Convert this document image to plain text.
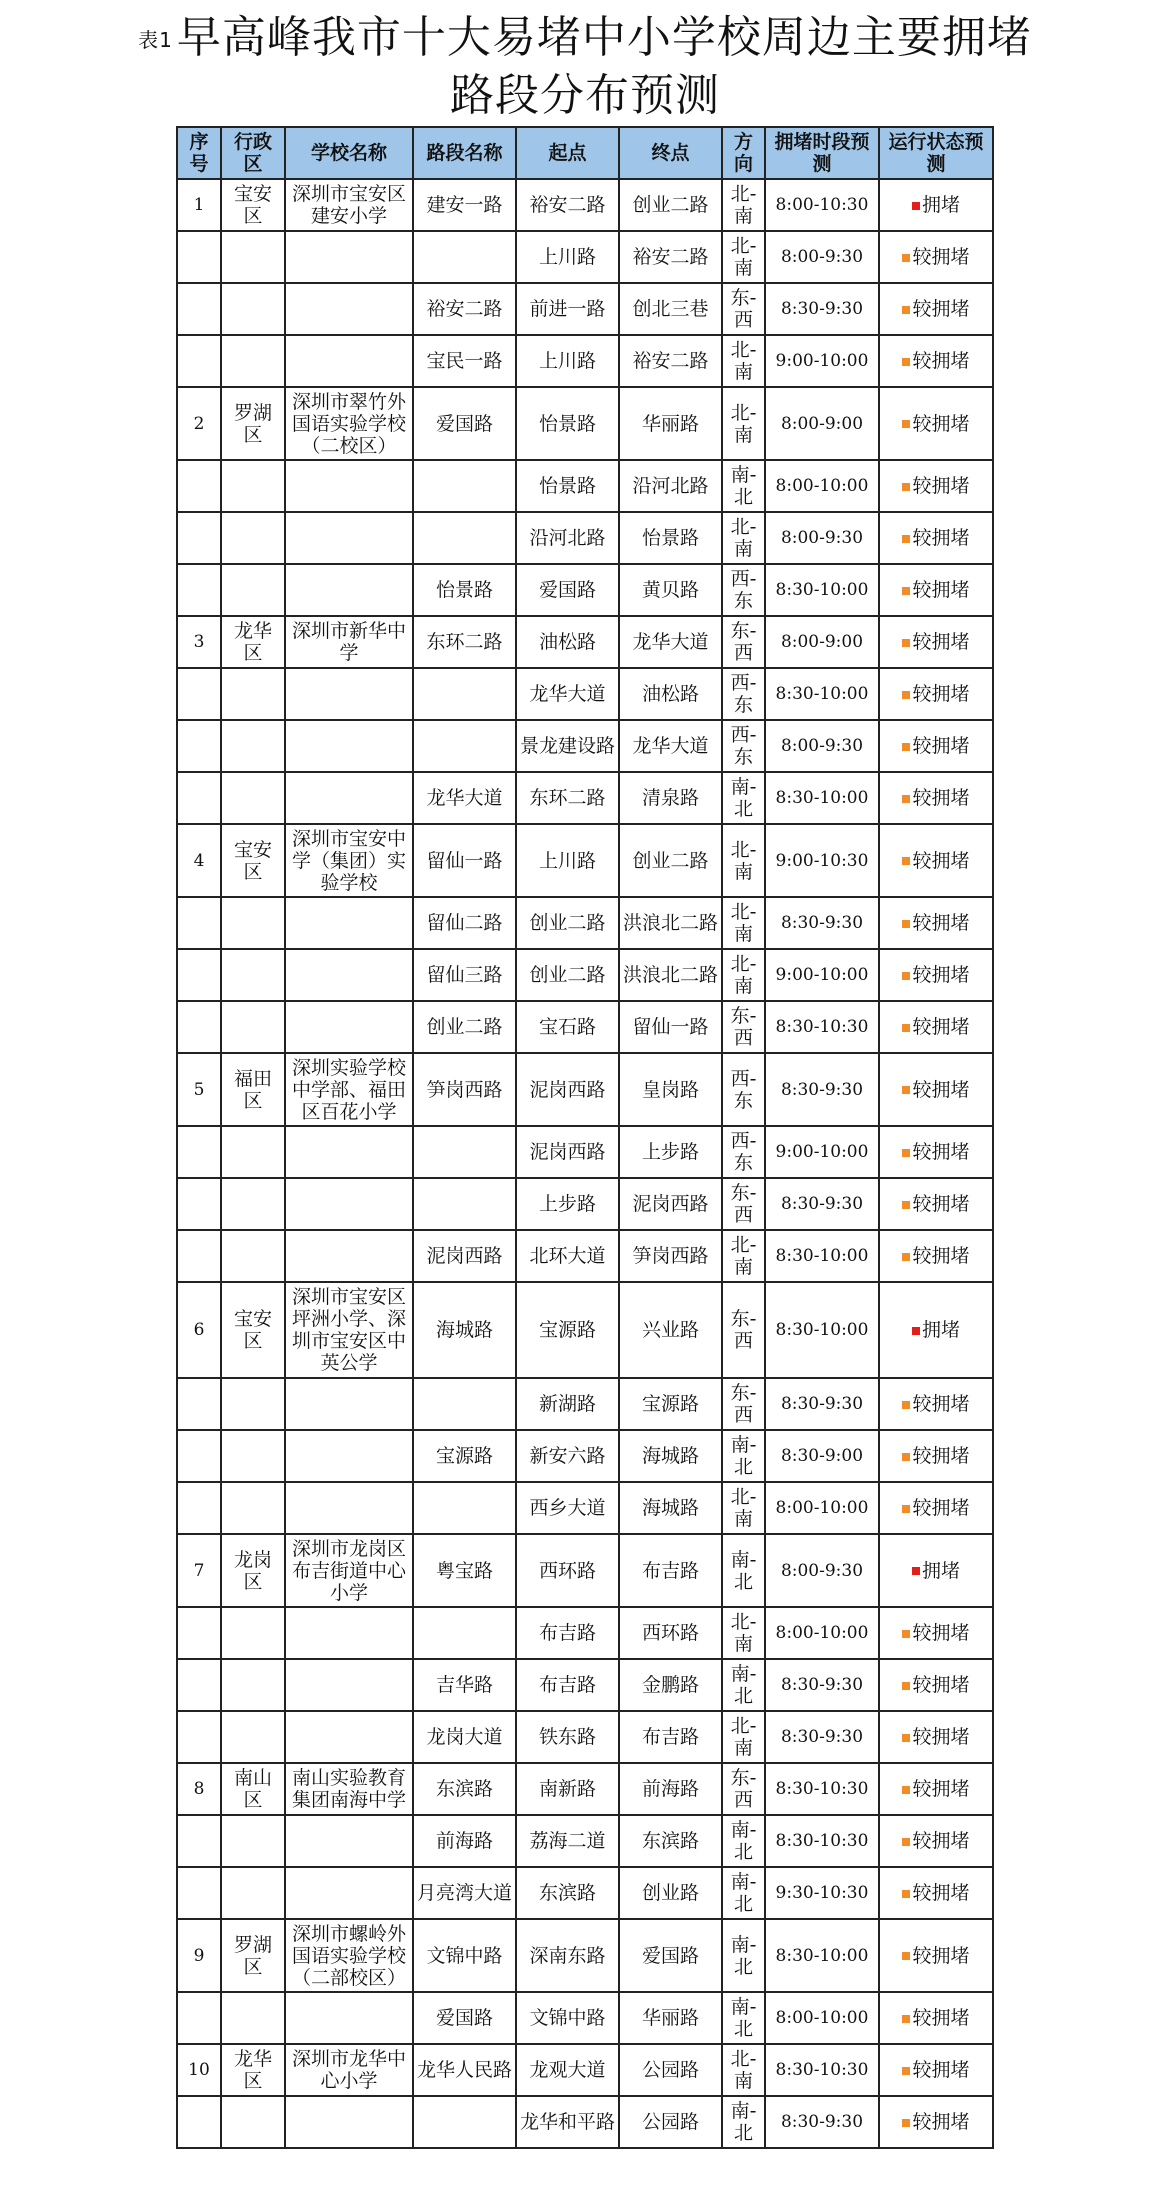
表1早高峰我市十大易堵中小学校周边主要拥堵
路段分布预测
序号	行政区	学校名称	路段名称	起点	终点	方向	拥堵时段预测	运行状态预测
1	宝安区	深圳市宝安区建安小学	建安一路	裕安二路	创业二路	北-南	8:00-10:30	拥堵
				上川路	裕安二路	北-南	8:00-9:30	较拥堵
			裕安二路	前进一路	创北三巷	东-西	8:30-9:30	较拥堵
			宝民一路	上川路	裕安二路	北-南	9:00-10:00	较拥堵
2	罗湖区	深圳市翠竹外国语实验学校（二校区）	爱国路	怡景路	华丽路	北-南	8:00-9:00	较拥堵
				怡景路	沿河北路	南-北	8:00-10:00	较拥堵
				沿河北路	怡景路	北-南	8:00-9:30	较拥堵
			怡景路	爱国路	黄贝路	西-东	8:30-10:00	较拥堵
3	龙华区	深圳市新华中学	东环二路	油松路	龙华大道	东-西	8:00-9:00	较拥堵
				龙华大道	油松路	西-东	8:30-10:00	较拥堵
				景龙建设路	龙华大道	西-东	8:00-9:30	较拥堵
			龙华大道	东环二路	清泉路	南-北	8:30-10:00	较拥堵
4	宝安区	深圳市宝安中学（集团）实验学校	留仙一路	上川路	创业二路	北-南	9:00-10:30	较拥堵
			留仙二路	创业二路	洪浪北二路	北-南	8:30-9:30	较拥堵
			留仙三路	创业二路	洪浪北二路	北-南	9:00-10:00	较拥堵
			创业二路	宝石路	留仙一路	东-西	8:30-10:30	较拥堵
5	福田区	深圳实验学校中学部、福田区百花小学	笋岗西路	泥岗西路	皇岗路	西-东	8:30-9:30	较拥堵
				泥岗西路	上步路	西-东	9:00-10:00	较拥堵
				上步路	泥岗西路	东-西	8:30-9:30	较拥堵
			泥岗西路	北环大道	笋岗西路	北-南	8:30-10:00	较拥堵
6	宝安区	深圳市宝安区坪洲小学、深圳市宝安区中英公学	海城路	宝源路	兴业路	东-西	8:30-10:00	拥堵
				新湖路	宝源路	东-西	8:30-9:30	较拥堵
			宝源路	新安六路	海城路	南-北	8:30-9:00	较拥堵
				西乡大道	海城路	北-南	8:00-10:00	较拥堵
7	龙岗区	深圳市龙岗区布吉街道中心小学	粤宝路	西环路	布吉路	南-北	8:00-9:30	拥堵
				布吉路	西环路	北-南	8:00-10:00	较拥堵
			吉华路	布吉路	金鹏路	南-北	8:30-9:30	较拥堵
			龙岗大道	铁东路	布吉路	北-南	8:30-9:30	较拥堵
8	南山区	南山实验教育集团南海中学	东滨路	南新路	前海路	东-西	8:30-10:30	较拥堵
			前海路	荔海二道	东滨路	南-北	8:30-10:30	较拥堵
			月亮湾大道	东滨路	创业路	南-北	9:30-10:30	较拥堵
9	罗湖区	深圳市螺岭外国语实验学校（二部校区）	文锦中路	深南东路	爱国路	南-北	8:30-10:00	较拥堵
			爱国路	文锦中路	华丽路	南-北	8:00-10:00	较拥堵
10	龙华区	深圳市龙华中心小学	龙华人民路	龙观大道	公园路	北-南	8:30-10:30	较拥堵
				龙华和平路	公园路	南-北	8:30-9:30	较拥堵
